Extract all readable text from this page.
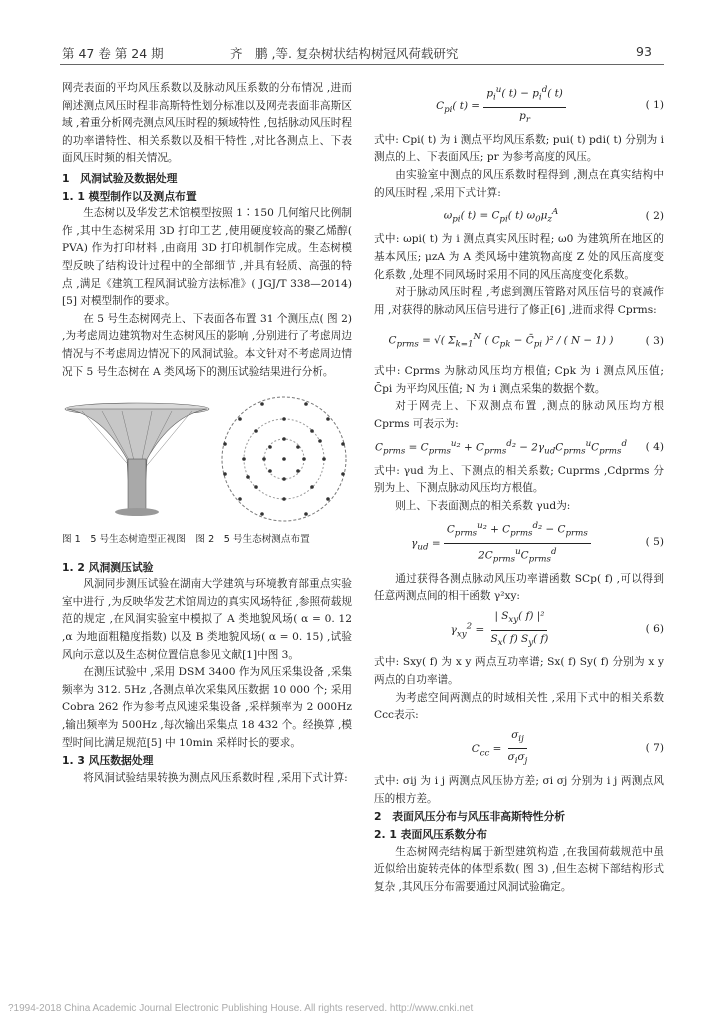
第 47 卷 第 24 期	齐　鹏 ,等. 复杂树状结构树冠风荷载研究	93

网壳表面的平均风压系数以及脉动风压系数的分布情况 ,进而阐述测点风压时程非高斯特性划分标准以及网壳表面非高斯区域 ,着重分析网壳测点风压时程的频域特性 ,包括脉动风压时程的功率谱特性、相关系数以及相干特性 ,对比各测点上、下表面风压时频的相关情况。

1　风洞试验及数据处理

1. 1 模型制作以及测点布置

生态树以及华发艺术馆模型按照 1∶150 几何缩尺比例制作 ,其中生态树采用 3D 打印工艺 ,使用硬度较高的聚乙烯醇( PVA) 作为打印材料 ,由商用 3D 打印机制作完成。生态树模型反映了结构设计过程中的全部细节 ,并具有轻质、高强的特点 ,满足《建筑工程风洞试验方法标准》( JGJ/T 338—2014) [5] 对模型制作的要求。

在 5 号生态树网壳上、下表面各布置 31 个测压点( 图 2) ,为考虑周边建筑物对生态树风压的影响 ,分别进行了考虑周边情况与不考虑周边情况下的风洞试验。本文针对不考虑周边情况下 5 号生态树在 A 类风场下的测压试验结果进行分析。

图 1　5 号生态树造型正视图　图 2　5 号生态树测点布置

1. 2 风洞测压试验

风洞同步测压试验在湖南大学建筑与环境教育部重点实验室中进行 ,为反映华发艺术馆周边的真实风场特征 ,参照荷载规范的规定 ,在风洞实验室中模拟了 A 类地貌风场( α = 0. 12 ,α 为地面粗糙度指数) 以及 B 类地貌风场( α = 0. 15) ,试验风向示意以及生态树位置信息参见文献[1]中图 3。

在测压试验中 ,采用 DSM 3400 作为风压采集设备 ,采集频率为 312. 5Hz ,各测点单次采集风压数据 10 000 个; 采用 Cobra 262 作为参考点风速采集设备 ,采样频率为 2 000Hz ,输出频率为 500Hz ,每次输出采集点 18 432 个。经换算 ,模型时间比满足规范[5] 中 10min 采样时长的要求。

1. 3 风压数据处理

将风洞试验结果转换为测点风压系数时程 ,采用下式计算:

$C_{pi}$( $t) = \frac{p_i^u( t) - p_i^d( t)}{p_r}$	( 1)

式中: Cpi( t) 为 i 测点平均风压系数; pui( t) pdi( t) 分别为 i 测点的上、下表面风压; pr 为参考高度的风压。

由实验室中测点的风压系数时程得到 ,测点在真实结构中的风压时程 ,采用下式计算:

$\omega_{pi}$( $t) = C_{pi}$( t) $\omega_0\mu_z^A$	( 2)

式中: ωpi( t) 为 i 测点真实风压时程; ω0 为建筑所在地区的基本风压; μzA 为 A 类风场中建筑物高度 Z 处的风压高度变化系数 ,处理不同风场时采用不同的风压高度变化系数。

对于脉动风压时程 ,考虑到测压管路对风压信号的衰减作用 ,对获得的脉动风压信号进行了修正[6] ,进而求得 Cprms:

$C_{prms}$ = √( $\Sigma_{k=1}^N$ ( $C_{pk}$ − $C̄_{pi}$ )² / ( N − 1) )	( 3)

式中: Cprms 为脉动风压均方根值; Cpk 为 i 测点风压值; C̄pi 为平均风压值; N 为 i 测点采集的数据个数。

对于网壳上、下双测点布置 ,测点的脉动风压均方根 Cprms 可表示为:

$C_{prms} = C_{prms}^u^2 + C_{prms}^d^2 - 2\gamma_{ud}C_{prms}^uC_{prms}^d$	( 4)

式中: γud 为上、下测点的相关系数; Cuprms ,Cdprms 分别为上、下测点脉动风压均方根值。

则上、下表面测点的相关系数 γud为:

$\gamma_{ud} = \frac{C_{prms}^u^2 + C_{prms}^d^2 - C_{prms}}{2C_{prms}^uC_{prms}^d}$	( 5)

通过获得各测点脉动风压功率谱函数 SCp( f) ,可以得到任意两测点间的相干函数 γ²xy:

$\gamma_{xy}^2 = \frac{| S_{xy}( f) |^2}{S_x( f) S_y( f)}$	( 6)

式中: Sxy( f) 为 x y 两点互功率谱; Sx( f) Sy( f) 分别为 x y 两点的自功率谱。

为考虑空间两测点的时域相关性 ,采用下式中的相关系数 Ccc表示:

$C_{cc} = \frac{\sigma_{ij}}{\sigma_i\sigma_j}$	( 7)

式中: σij 为 i j 两测点风压协方差; σi σj 分别为 i j 两测点风压的根方差。

2　表面风压分布与风压非高斯特性分析

2. 1 表面风压系数分布

生态树网壳结构属于新型建筑构造 ,在我国荷载规范中虽近似给出旋转壳体的体型系数( 图 3) ,但生态树下部结构形式复杂 ,其风压分布需要通过风洞试验确定。

?1994-2018 China Academic Journal Electronic Publishing House. All rights reserved. http://www.cnki.net
